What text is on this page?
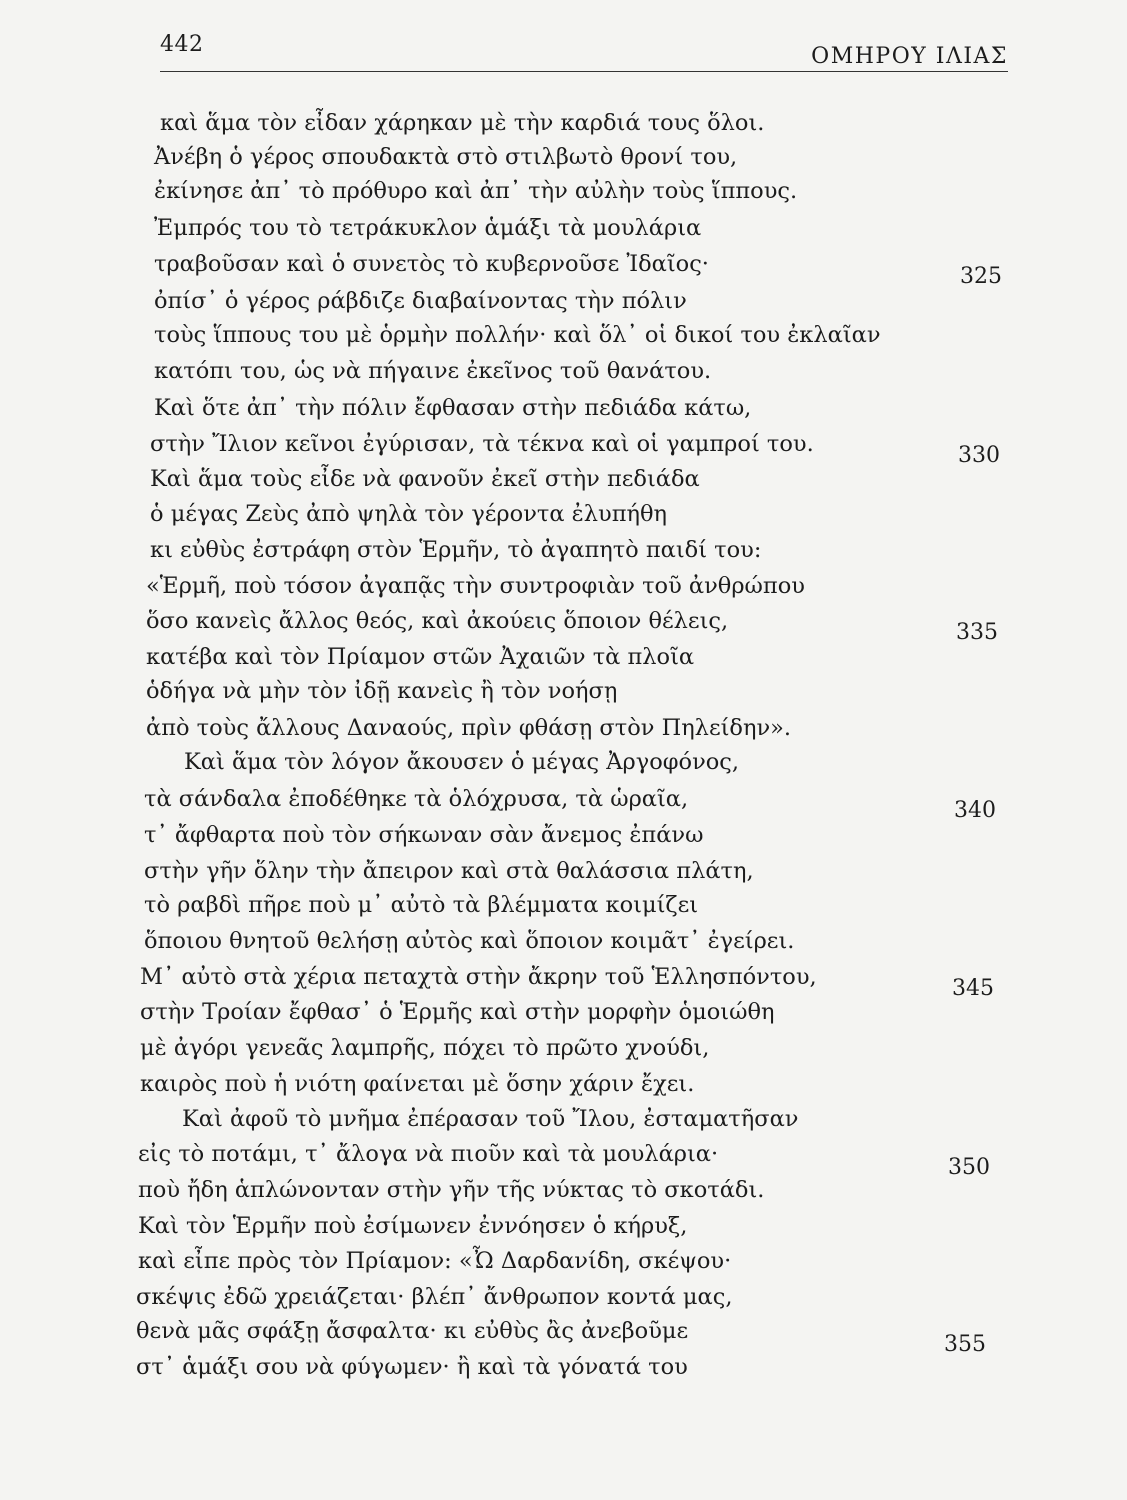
442	ΟΜΗΡΟΥ ΙΛΙΑΣ
καὶ ἅμα τὸν εἶδαν χάρηκαν μὲ τὴν καρδιά τους ὅλοι.
Ἀνέβη ὁ γέρος σπουδακτὰ στὸ στιλβωτὸ θρονί του,
ἐκίνησε ἀπ᾽ τὸ πρόθυρο καὶ ἀπ᾽ τὴν αὐλὴν τοὺς ἵππους.
Ἐμπρός του τὸ τετράκυκλον ἁμάξι τὰ μουλάρια
τραβοῦσαν καὶ ὁ συνετὸς τὸ κυβερνοῦσε Ἰδαῖος·
ὀπίσ᾽ ὁ γέρος ράβδιζε διαβαίνοντας τὴν πόλιν
τοὺς ἵππους του μὲ ὁρμὴν πολλήν· καὶ ὅλ᾽ οἱ δικοί του ἐκλαῖαν
κατόπι του, ὡς νὰ πήγαινε ἐκεῖνος τοῦ θανάτου.
Καὶ ὅτε ἀπ᾽ τὴν πόλιν ἔφθασαν στὴν πεδιάδα κάτω,
στὴν Ἴλιον κεῖνοι ἐγύρισαν, τὰ τέκνα καὶ οἱ γαμπροί του.
Καὶ ἅμα τοὺς εἶδε νὰ φανοῦν ἐκεῖ στὴν πεδιάδα
ὁ μέγας Ζεὺς ἀπὸ ψηλὰ τὸν γέροντα ἐλυπήθη
κι εὐθὺς ἐστράφη στὸν Ἑρμῆν, τὸ ἀγαπητὸ παιδί του:
«Ἑρμῆ, ποὺ τόσον ἀγαπᾷς τὴν συντροφιὰν τοῦ ἀνθρώπου
ὅσο κανεὶς ἄλλος θεός, καὶ ἀκούεις ὅποιον θέλεις,
κατέβα καὶ τὸν Πρίαμον στῶν Ἀχαιῶν τὰ πλοῖα
ὁδήγα νὰ μὴν τὸν ἰδῇ κανεὶς ἢ τὸν νοήσῃ
ἀπὸ τοὺς ἄλλους Δαναούς, πρὶν φθάσῃ στὸν Πηλείδην».
Καὶ ἅμα τὸν λόγον ἄκουσεν ὁ μέγας Ἀργοφόνος,
τὰ σάνδαλα ἐποδέθηκε τὰ ὁλόχρυσα, τὰ ὡραῖα,
τ᾽ ἄφθαρτα ποὺ τὸν σήκωναν σὰν ἄνεμος ἐπάνω
στὴν γῆν ὅλην τὴν ἄπειρον καὶ στὰ θαλάσσια πλάτη,
τὸ ραβδὶ πῆρε ποὺ μ᾽ αὐτὸ τὰ βλέμματα κοιμίζει
ὅποιου θνητοῦ θελήσῃ αὐτὸς καὶ ὅποιον κοιμᾶτ᾽ ἐγείρει.
Μ᾽ αὐτὸ στὰ χέρια πεταχτὰ στὴν ἄκρην τοῦ Ἑλλησπόντου,
στὴν Τροίαν ἔφθασ᾽ ὁ Ἑρμῆς καὶ στὴν μορφὴν ὁμοιώθη
μὲ ἀγόρι γενεᾶς λαμπρῆς, πόχει τὸ πρῶτο χνούδι,
καιρὸς ποὺ ἡ νιότη φαίνεται μὲ ὅσην χάριν ἔχει.
Καὶ ἀφοῦ τὸ μνῆμα ἐπέρασαν τοῦ Ἴλου, ἐσταματῆσαν
εἰς τὸ ποτάμι, τ᾽ ἄλογα νὰ πιοῦν καὶ τὰ μουλάρια·
ποὺ ἤδη ἁπλώνονταν στὴν γῆν τῆς νύκτας τὸ σκοτάδι.
Καὶ τὸν Ἑρμῆν ποὺ ἐσίμωνεν ἐννόησεν ὁ κήρυξ,
καὶ εἶπε πρὸς τὸν Πρίαμον: «Ὦ Δαρδανίδη, σκέψου·
σκέψις ἐδῶ χρειάζεται· βλέπ᾽ ἄνθρωπον κοντά μας,
θενὰ μᾶς σφάξῃ ἄσφαλτα· κι εὐθὺς ἂς ἀνεβοῦμε
στ᾽ ἁμάξι σου νὰ φύγωμεν· ἢ καὶ τὰ γόνατά του
325
330
335
340
345
350
355
